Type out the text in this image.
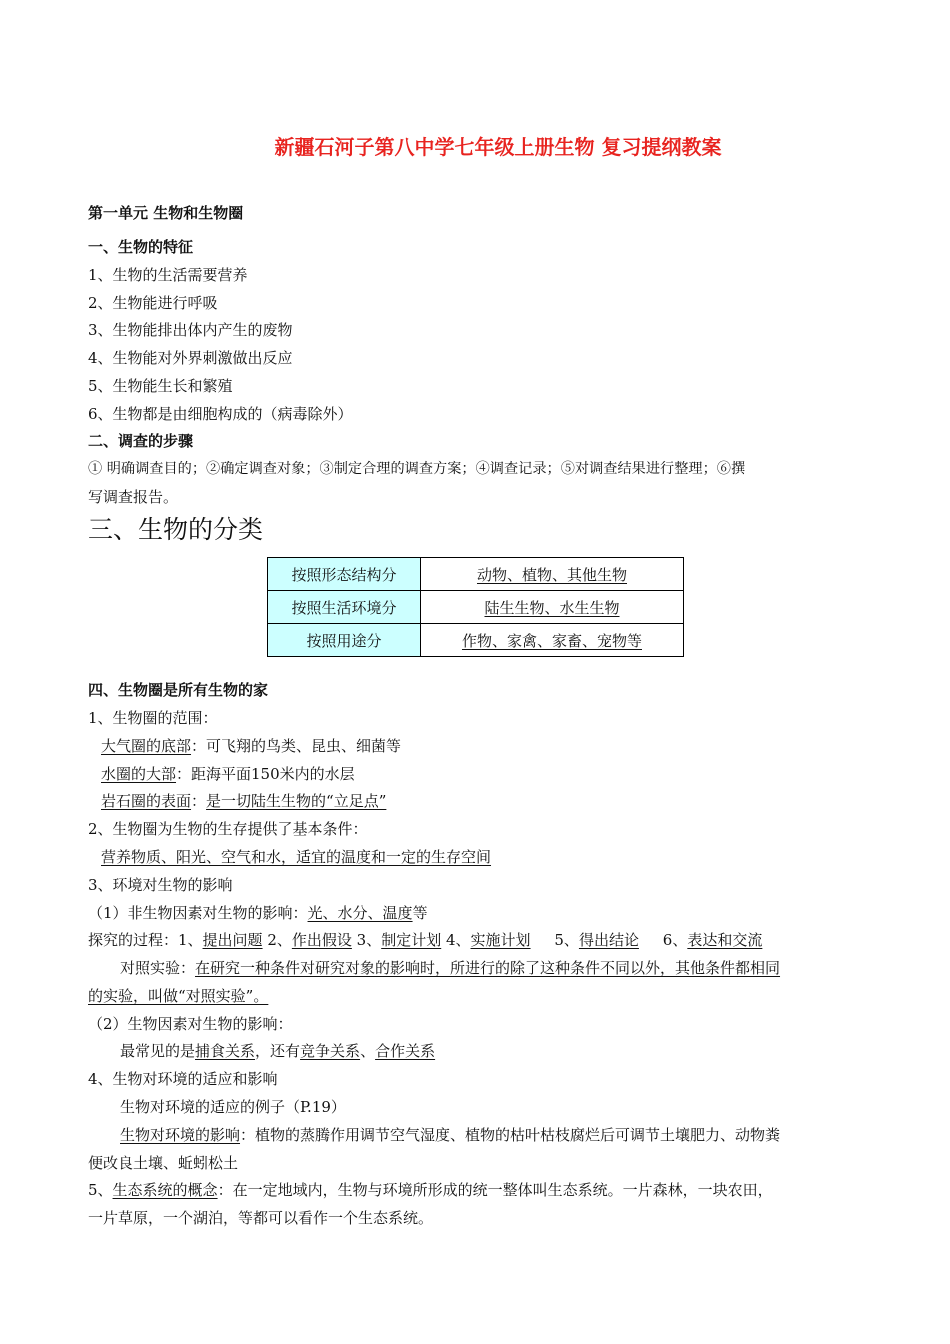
新疆石河子第八中学七年级上册生物 复习提纲教案
第一单元 生物和生物圈
一、生物的特征
1、生物的生活需要营养
2、生物能进行呼吸
3、生物能排出体内产生的废物
4、生物能对外界刺激做出反应
5、生物能生长和繁殖
6、生物都是由细胞构成的（病毒除外）
二、调查的步骤
① 明确调查目的；②确定调查对象；③制定合理的调查方案；④调查记录；⑤对调查结果进行整理；⑥撰
写调查报告。
三、生物的分类
按照形态结构分	动物、植物、其他生物
按照生活环境分	陆生生物、水生生物
按照用途分	作物、家禽、家畜、宠物等
四、生物圈是所有生物的家
1、生物圈的范围：
大气圈的底部：可飞翔的鸟类、昆虫、细菌等
水圈的大部：距海平面150米内的水层
岩石圈的表面：是一切陆生生物的“立足点”
2、生物圈为生物的生存提供了基本条件：
营养物质、阳光、空气和水，适宜的温度和一定的生存空间
3、环境对生物的影响
（1）非生物因素对生物的影响：光、水分、温度等
探究的过程：1、提出问题 2、作出假设 3、制定计划 4、实施计划     5、得出结论     6、表达和交流
对照实验：在研究一种条件对研究对象的影响时，所进行的除了这种条件不同以外，其他条件都相同
的实验，叫做“对照实验”。
（2）生物因素对生物的影响：
最常见的是捕食关系，还有竞争关系、合作关系
4、生物对环境的适应和影响
生物对环境的适应的例子（P.19）
生物对环境的影响：植物的蒸腾作用调节空气湿度、植物的枯叶枯枝腐烂后可调节土壤肥力、动物粪
便改良土壤、蚯蚓松土
5、生态系统的概念：在一定地域内，生物与环境所形成的统一整体叫生态系统。一片森林，一块农田，
一片草原，一个湖泊，等都可以看作一个生态系统。
